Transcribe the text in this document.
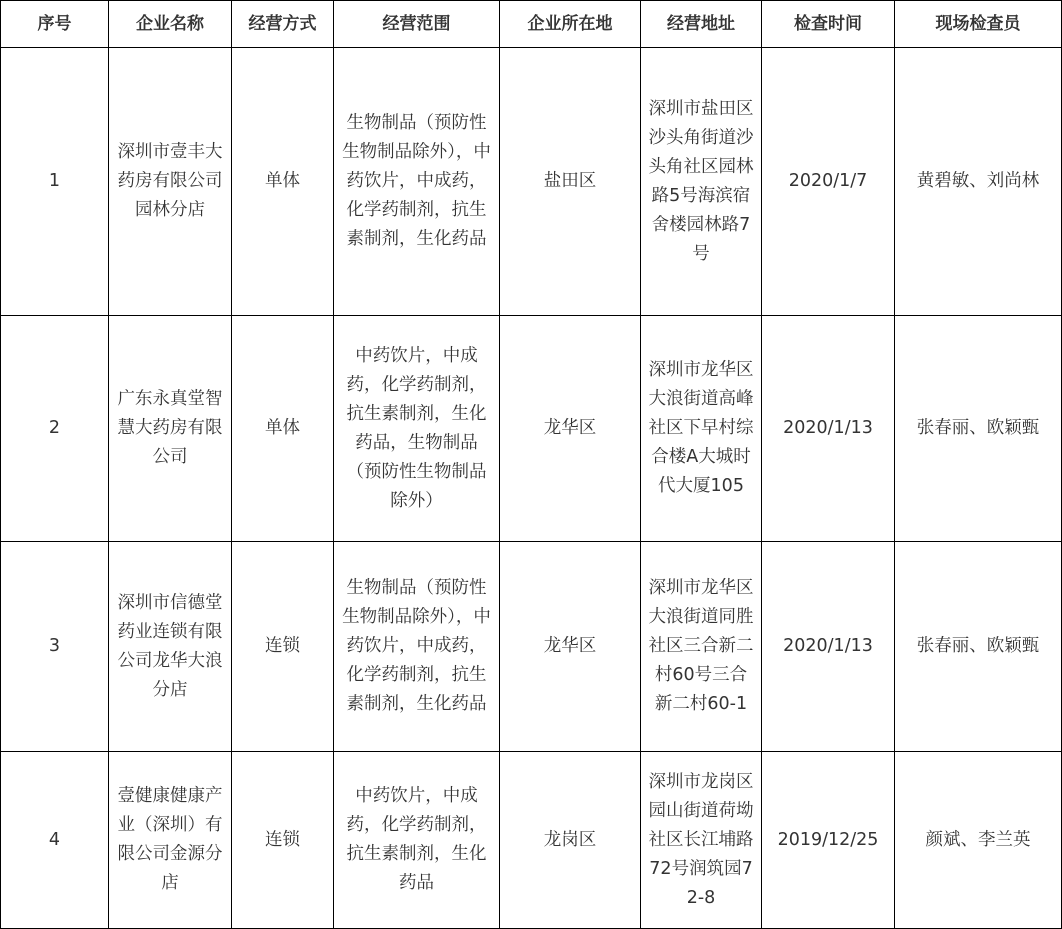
序号	企业名称	经营方式	经营范围	企业所在地	经营地址	检查时间	现场检查员
1	深圳市壹丰大药房有限公司园林分店	单体	生物制品（预防性生物制品除外），中药饮片，中成药，化学药制剂，抗生素制剂，生化药品	盐田区	深圳市盐田区沙头角街道沙头角社区园林路5号海滨宿舍楼园林路7号	2020/1/7	黄碧敏、刘尚林
2	广东永真堂智慧大药房有限公司	单体	中药饮片，中成药，化学药制剂，抗生素制剂，生化药品，生物制品（预防性生物制品除外）	龙华区	深圳市龙华区大浪街道高峰社区下早村综合楼A大城时代大厦105	2020/1/13	张春丽、欧颖甄
3	深圳市信德堂药业连锁有限公司龙华大浪分店	连锁	生物制品（预防性生物制品除外），中药饮片，中成药，化学药制剂，抗生素制剂，生化药品	龙华区	深圳市龙华区大浪街道同胜社区三合新二村60号三合新二村60-1	2020/1/13	张春丽、欧颖甄
4	壹健康健康产业（深圳）有限公司金源分店	连锁	中药饮片，中成药，化学药制剂，抗生素制剂，生化药品	龙岗区	深圳市龙岗区园山街道荷坳社区长江埔路72号润筑园72-8	2019/12/25	颜斌、李兰英
